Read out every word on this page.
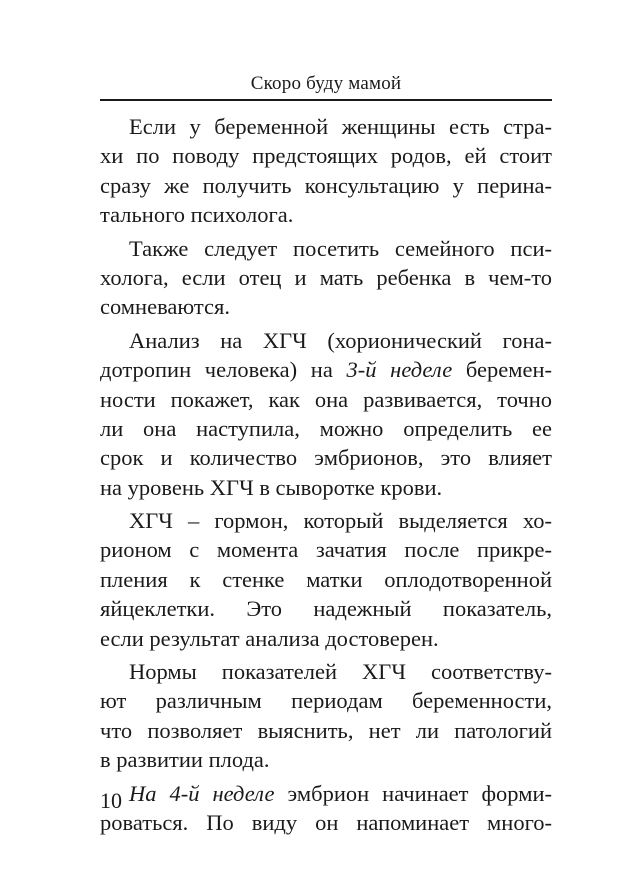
Скоро буду мамой
Если у беременной женщины есть стра-
хи по поводу предстоящих родов, ей стоит
сразу же получить консультацию у перина-
тального психолога.
Также следует посетить семейного пси-
холога, если отец и мать ребенка в чем-то
сомневаются.
Анализ на ХГЧ (хорионический гона-
дотропин человека) на 3-й неделе беремен-
ности покажет, как она развивается, точно
ли она наступила, можно определить ее
срок и количество эмбрионов, это влияет
на уровень ХГЧ в сыворотке крови.
ХГЧ – гормон, который выделяется хо-
рионом с момента зачатия после прикре-
пления к стенке матки оплодотворенной
яйцеклетки. Это надежный показатель,
если результат анализа достоверен.
Нормы показателей ХГЧ соответству-
ют различным периодам беременности,
что позволяет выяснить, нет ли патологий
в развитии плода.
На 4-й неделе эмбрион начинает форми-
роваться. По виду он напоминает много-
10
